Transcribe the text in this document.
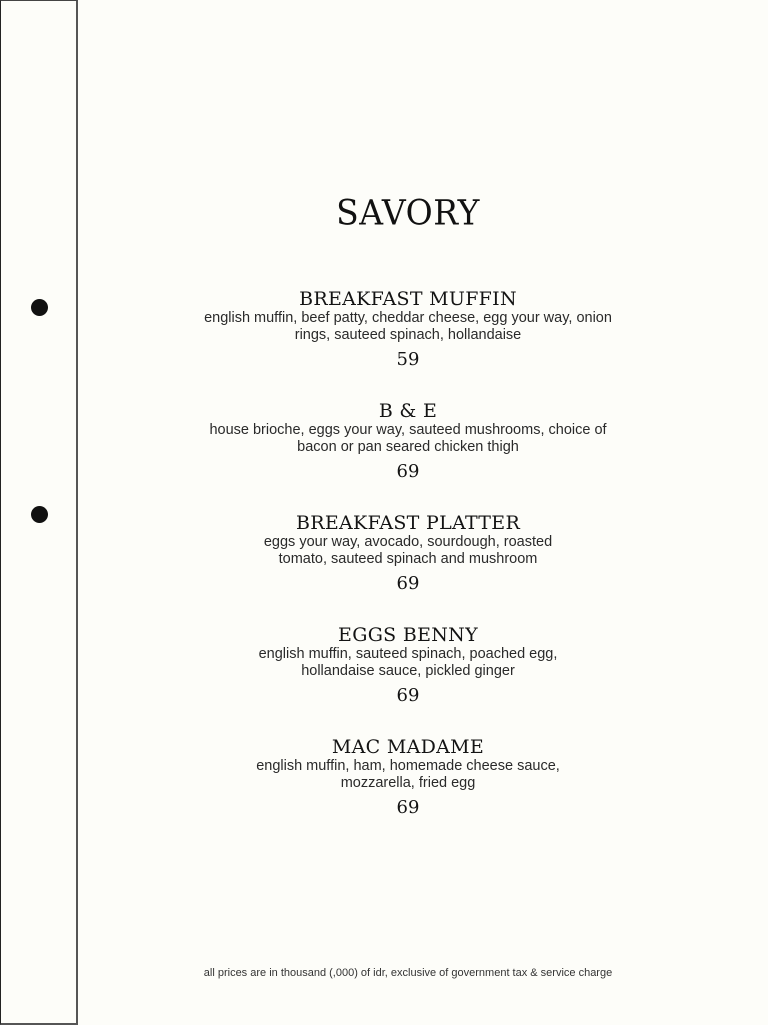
SAVORY
BREAKFAST MUFFIN
english muffin, beef patty, cheddar cheese, egg your way, onion rings, sauteed spinach, hollandaise
59
B & E
house brioche, eggs your way, sauteed mushrooms, choice of bacon or pan seared chicken thigh
69
BREAKFAST PLATTER
eggs your way, avocado, sourdough, roasted tomato, sauteed spinach and mushroom
69
EGGS BENNY
english muffin, sauteed spinach, poached egg, hollandaise sauce, pickled ginger
69
MAC MADAME
english muffin, ham, homemade cheese sauce, mozzarella, fried egg
69
all prices are in thousand (,000) of idr, exclusive of government tax & service charge
